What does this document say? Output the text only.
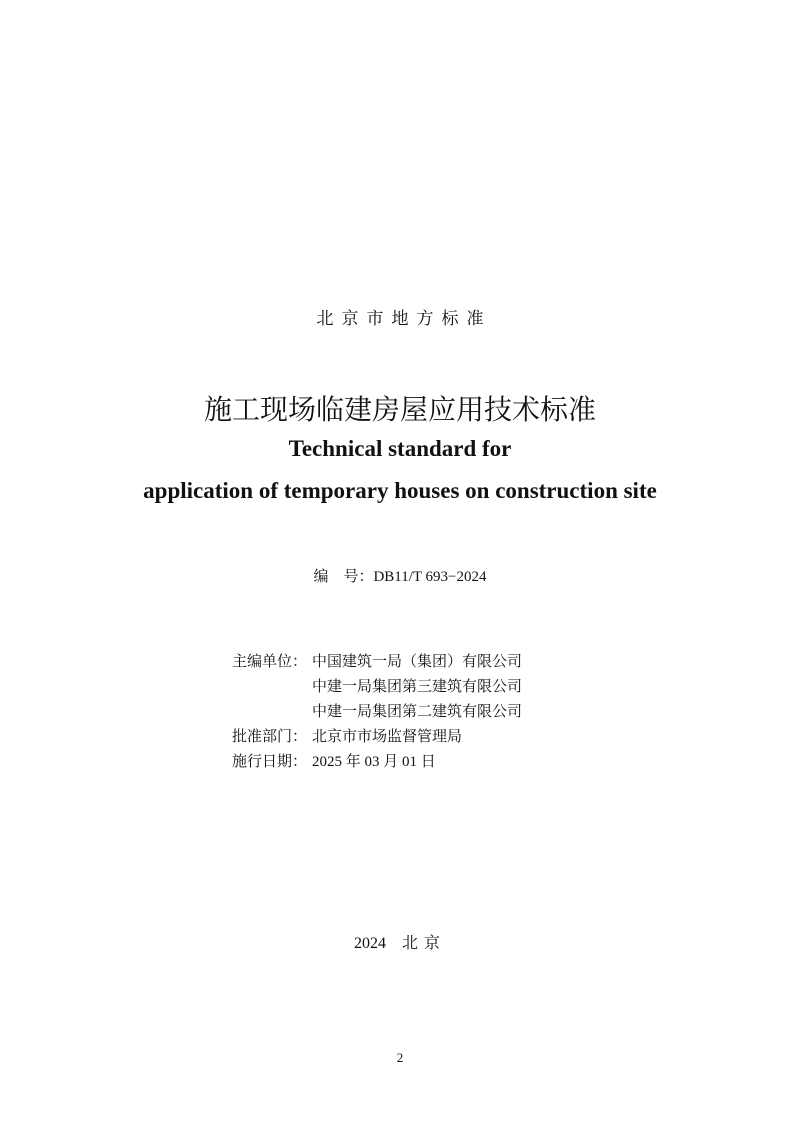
北京市地方标准
施工现场临建房屋应用技术标准
Technical standard for
application of temporary houses on construction site
编　号：DB11/T 693−2024
主编单位： 中国建筑一局（集团）有限公司
中建一局集团第三建筑有限公司
中建一局集团第二建筑有限公司
批准部门： 北京市市场监督管理局
施行日期： 2025 年 03 月 01 日
2024 北京
2
